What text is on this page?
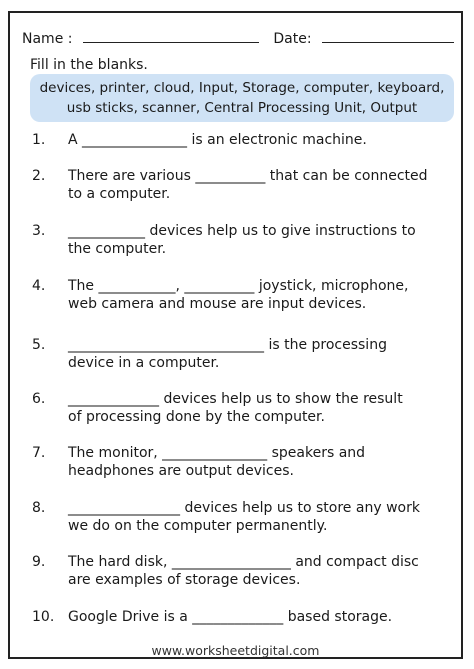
Name :	Date:
Fill in the blanks.
devices, printer, cloud, Input, Storage, computer, keyboard,
usb sticks, scanner, Central Processing Unit, Output
1. A _______________ is an electronic machine.
2. There are various __________ that can be connected
to a computer.
3. ___________ devices help us to give instructions to
the computer.
4. The ___________, __________ joystick, microphone,
web camera and mouse are input devices.
5. ____________________________ is the processing
device in a computer.
6. _____________ devices help us to show the result
of processing done by the computer.
7. The monitor, _______________ speakers and
headphones are output devices.
8. ________________ devices help us to store any work
we do on the computer permanently.
9. The hard disk, _________________ and compact disc
are examples of storage devices.
10. Google Drive is a _____________ based storage.
www.worksheetdigital.com
